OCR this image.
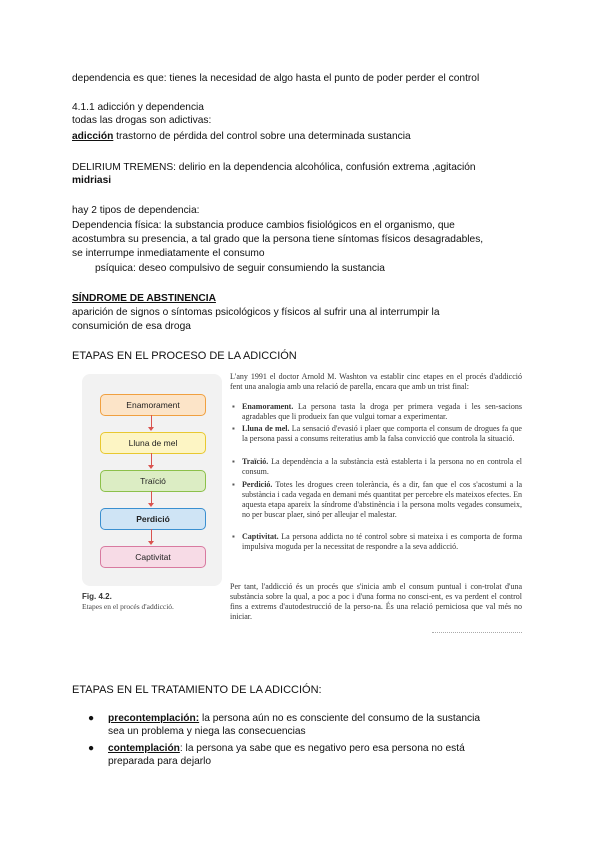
dependencia es que: tienes la necesidad de algo hasta el punto de poder perder el control
4.1.1 adicción y dependencia
todas las drogas son adictivas:
adicción trastorno de pérdida del control sobre una determinada sustancia
DELIRIUM TREMENS: delirio en la dependencia alcohólica, confusión extrema ,agitación
midriasi
hay 2 tipos de dependencia:
Dependencia física: la substancia produce cambios fisiológicos en el organismo, que
acostumbra su presencia, a tal grado que la persona tiene síntomas físicos desagradables,
se interrumpe inmediatamente el consumo
psíquica: deseo compulsivo de seguir consumiendo la sustancia
SÍNDROME DE ABSTINENCIA
aparición de signos o síntomas psicológicos y físicos al sufrir una al interrumpir la
consumición de esa droga
ETAPAS EN EL PROCESO DE LA ADICCIÓN
Enamorament
Lluna de mel
Traïció
Perdició
Captivitat
Fig. 4.2.
Etapes en el procés d'addicció.
L'any 1991 el doctor Arnold M. Washton va establir cinc etapes en el procés d'addicció fent una analogia amb una relació de parella, encara que amb un trist final:
▪ Enamorament. La persona tasta la droga per primera vegada i les sen-sacions agradables que li produeix fan que vulgui tornar a experimentar.
▪ Lluna de mel. La sensació d'evasió i plaer que comporta el consum de drogues fa que la persona passi a consums reiteratius amb la falsa convicció que controla la situació.
▪ Traïció. La dependència a la substància està establerta i la persona no en controla el consum.
▪ Perdició. Totes les drogues creen tolerància, és a dir, fan que el cos s'acostumi a la substància i cada vegada en demani més quantitat per percebre els mateixos efectes. En aquesta etapa apareix la síndrome d'abstinència i la persona molts vegades consumeix, no per buscar plaer, sinó per alleujar el malestar.
▪ Captivitat. La persona addicta no té control sobre si mateixa i es comporta de forma impulsiva moguda per la necessitat de respondre a la seva addicció.
Per tant, l'addicció és un procés que s'inicia amb el consum puntual i con-trolat d'una substància sobre la qual, a poc a poc i d'una forma no consci-ent, es va perdent el control fins a extrems d'autodestrucció de la perso-na. És una relació perniciosa que val més no iniciar.
ETAPAS EN EL TRATAMIENTO DE LA ADICCIÓN:
● precontemplación: la persona aún no es consciente del consumo de la sustancia
sea un problema y niega las consecuencias
● contemplación: la persona ya sabe que es negativo pero esa persona no está
preparada para dejarlo
